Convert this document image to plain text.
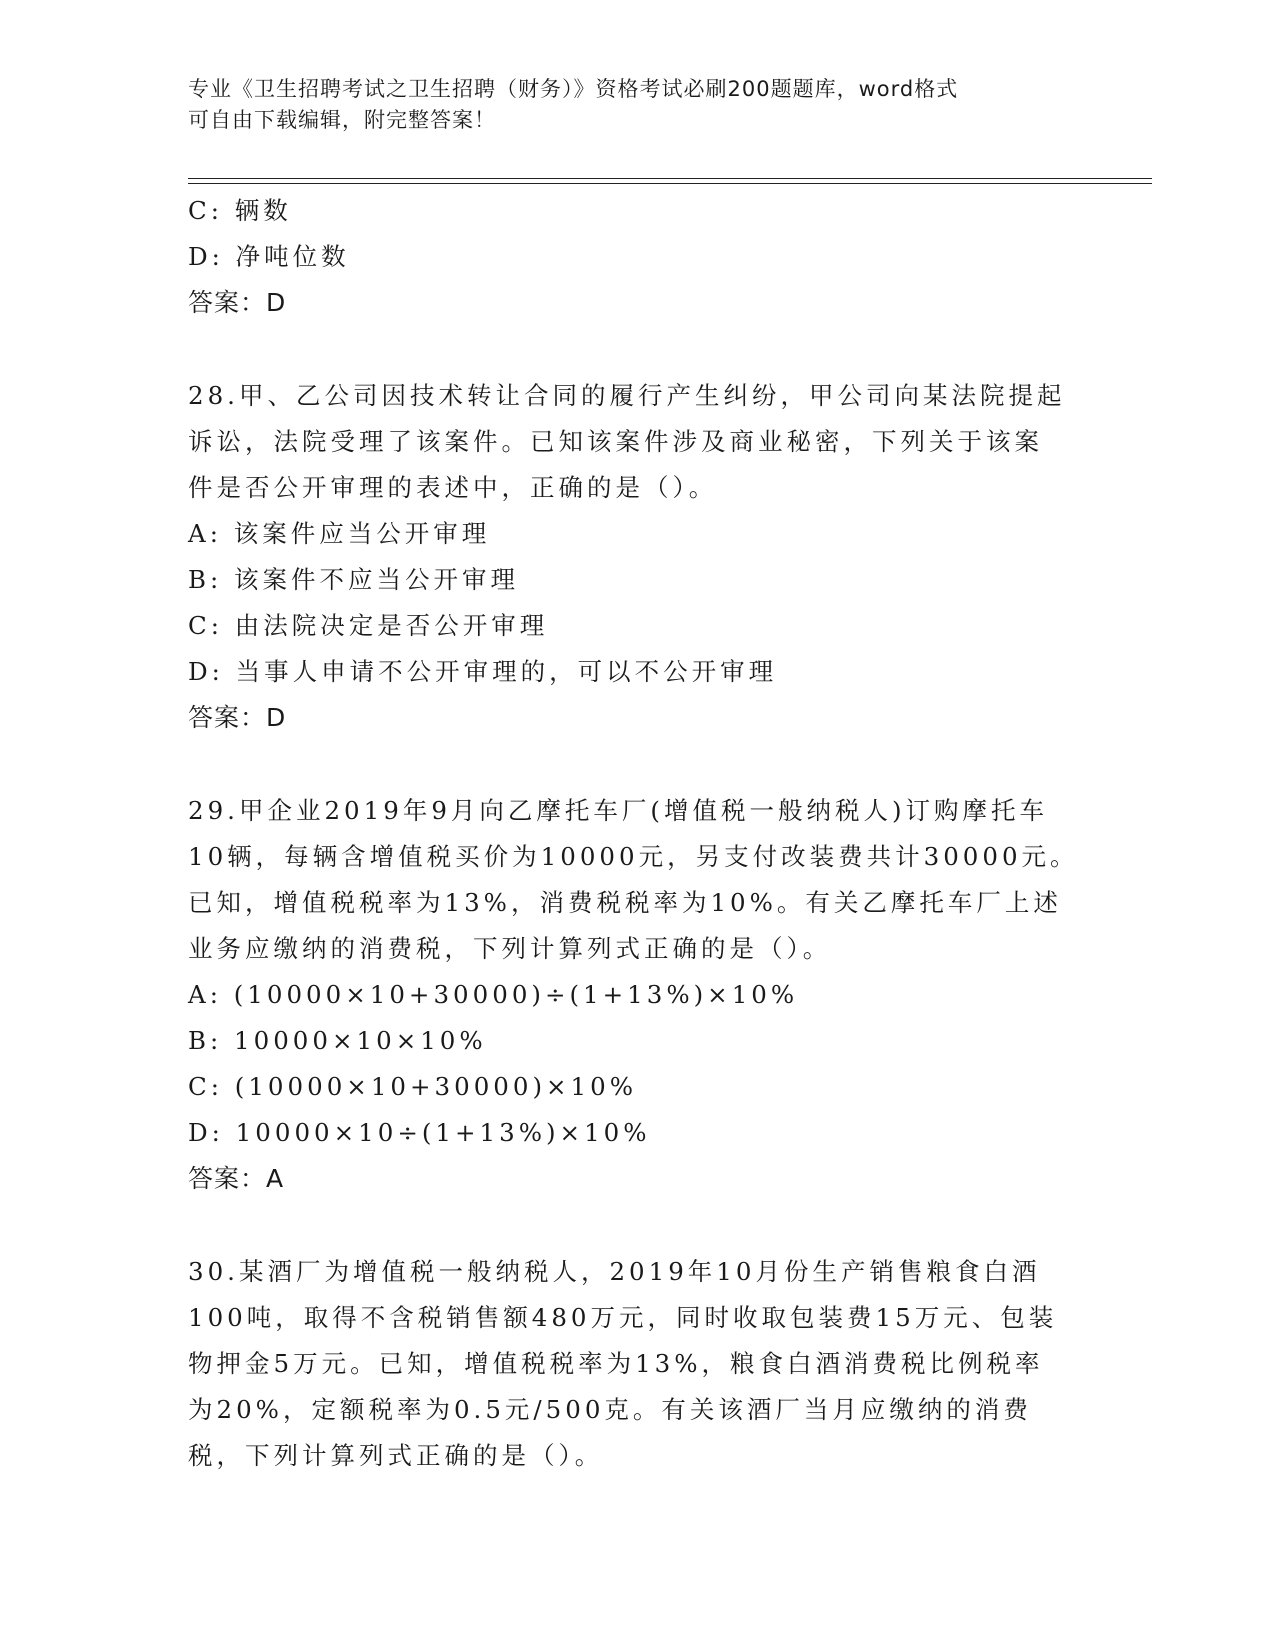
专业《卫生招聘考试之卫生招聘（财务）》资格考试必刷200题题库，word格式
可自由下载编辑，附完整答案！
C: 辆数
D: 净吨位数
答案：D
28.甲、乙公司因技术转让合同的履行产生纠纷，甲公司向某法院提起
诉讼，法院受理了该案件。已知该案件涉及商业秘密，下列关于该案
件是否公开审理的表述中，正确的是（）。
A: 该案件应当公开审理
B: 该案件不应当公开审理
C: 由法院决定是否公开审理
D: 当事人申请不公开审理的，可以不公开审理
答案：D
29.甲企业2019年9月向乙摩托车厂(增值税一般纳税人)订购摩托车
10辆，每辆含增值税买价为10000元，另支付改装费共计30000元。
已知，增值税税率为13%，消费税税率为10%。有关乙摩托车厂上述
业务应缴纳的消费税，下列计算列式正确的是（）。
A: (10000×10+30000)÷(1+13%)×10%
B: 10000×10×10%
C: (10000×10+30000)×10%
D: 10000×10÷(1+13%)×10%
答案：A
30.某酒厂为增值税一般纳税人，2019年10月份生产销售粮食白酒
100吨，取得不含税销售额480万元，同时收取包装费15万元、包装
物押金5万元。已知，增值税税率为13%，粮食白酒消费税比例税率
为20%，定额税率为0.5元/500克。有关该酒厂当月应缴纳的消费
税，下列计算列式正确的是（）。
